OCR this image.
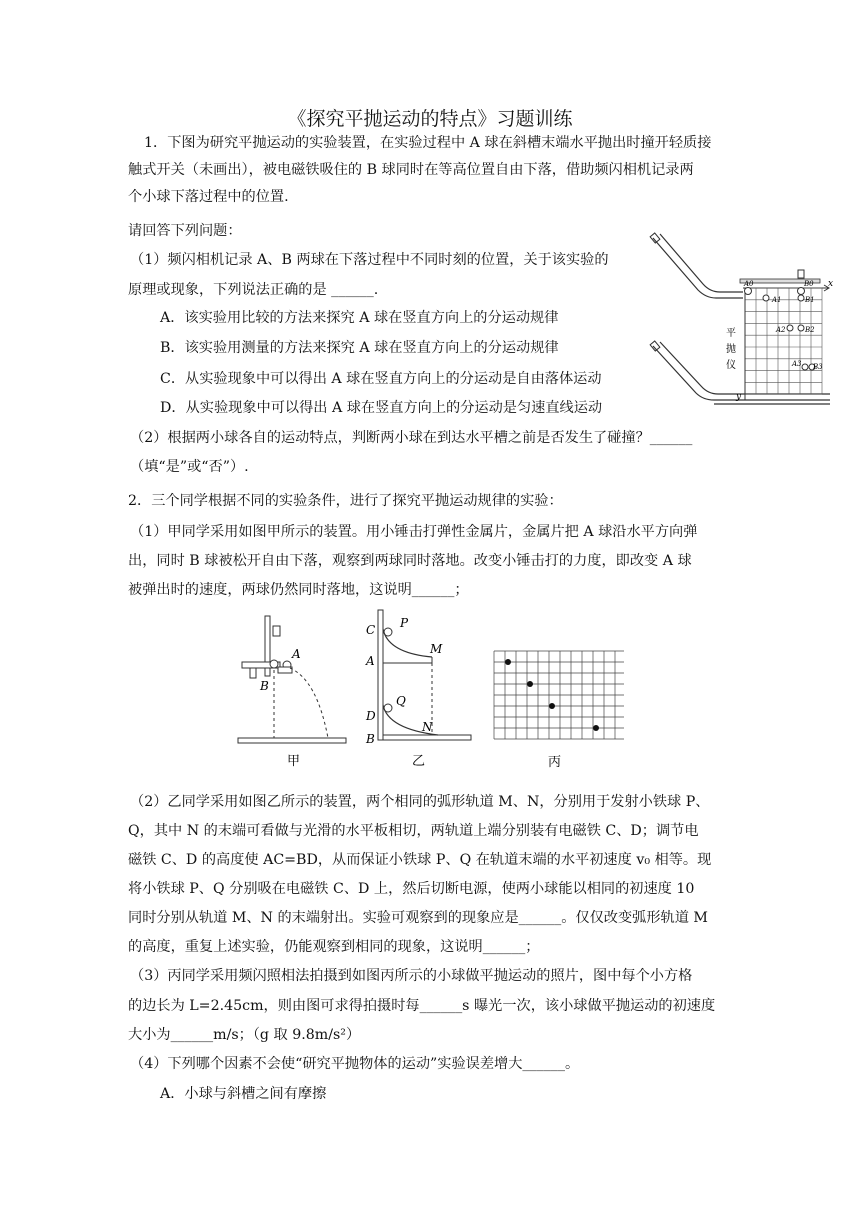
《探究平抛运动的特点》习题训练
1．下图为研究平抛运动的实验装置，在实验过程中 A 球在斜槽末端水平抛出时撞开轻质接
触式开关（未画出），被电磁铁吸住的 B 球同时在等高位置自由下落，借助频闪相机记录两
个小球下落过程中的位置.
请回答下列问题：
（1）频闪相机记录 A、B 两球在下落过程中不同时刻的位置，关于该实验的
原理或现象，下列说法正确的是 ______.
A．该实验用比较的方法来探究 A 球在竖直方向上的分运动规律
B．该实验用测量的方法来探究 A 球在竖直方向上的分运动规律
C．从实验现象中可以得出 A 球在竖直方向上的分运动是自由落体运动
D．从实验现象中可以得出 A 球在竖直方向上的分运动是匀速直线运动
（2）根据两小球各自的运动特点，判断两小球在到达水平槽之前是否发生了碰撞？______
（填“是”或“否”）.
x
y
A0
A1
B0
B1
A2	B2
A3 B3
平
抛
仪
2．三个同学根据不同的实验条件，进行了探究平抛运动规律的实验：
（1）甲同学采用如图甲所示的装置。用小锤击打弹性金属片，金属片把 A 球沿水平方向弹
出，同时 B 球被松开自由下落，观察到两球同时落地。改变小锤击打的力度，即改变 A 球
被弹出时的速度，两球仍然同时落地，这说明______；
A
B
甲
C P
M
A
D
Q
N
B
乙	丙
（2）乙同学采用如图乙所示的装置，两个相同的弧形轨道 M、N，分别用于发射小铁球 P、
Q，其中 N 的末端可看做与光滑的水平板相切，两轨道上端分别装有电磁铁 C、D；调节电
磁铁 C、D 的高度使 AC=BD，从而保证小铁球 P、Q 在轨道末端的水平初速度 v₀ 相等。现
将小铁球 P、Q 分别吸在电磁铁 C、D 上，然后切断电源，使两小球能以相同的初速度 10
同时分别从轨道 M、N 的末端射出。实验可观察到的现象应是______。仅仅改变弧形轨道 M
的高度，重复上述实验，仍能观察到相同的现象，这说明______；
（3）丙同学采用频闪照相法拍摄到如图丙所示的小球做平抛运动的照片，图中每个小方格
的边长为 L=2.45cm，则由图可求得拍摄时每______s 曝光一次，该小球做平抛运动的初速度
大小为______m/s；（g 取 9.8m/s²）
（4）下列哪个因素不会使“研究平抛物体的运动”实验误差增大______。
A．小球与斜槽之间有摩擦
